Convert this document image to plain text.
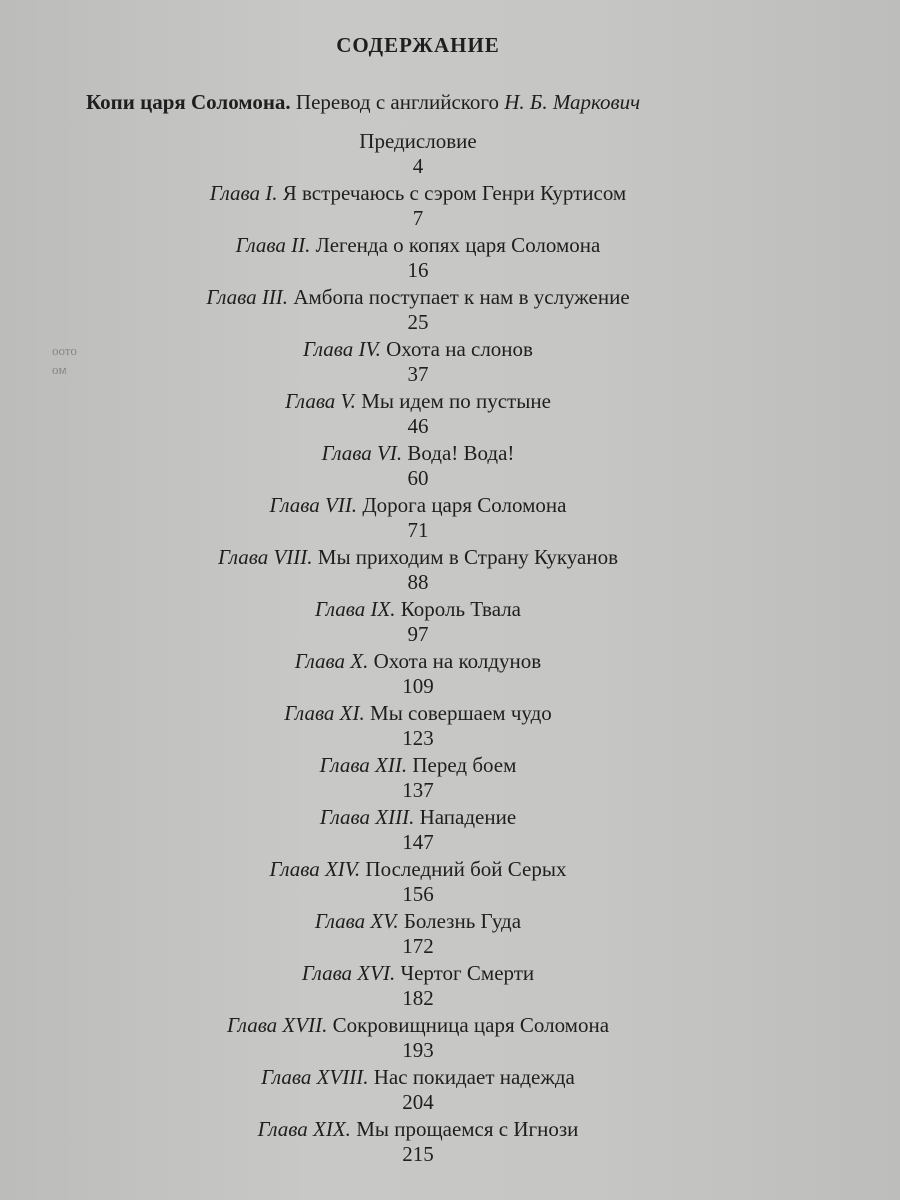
СОДЕРЖАНИЕ
Копи царя Соломона. Перевод с английского Н. Б. Маркович
отоо
мо
Предисловие
4
Глава I. Я встречаюсь с сэром Генри Куртисом
7
Глава II. Легенда о копях царя Соломона
16
Глава III. Амбопа поступает к нам в услужение
25
Глава IV. Охота на слонов
37
Глава V. Мы идем по пустыне
46
Глава VI. Вода! Вода!
60
Глава VII. Дорога царя Соломона
71
Глава VIII. Мы приходим в Страну Кукуанов
88
Глава IX. Король Твала
97
Глава X. Охота на колдунов
109
Глава XI. Мы совершаем чудо
123
Глава XII. Перед боем
137
Глава XIII. Нападение
147
Глава XIV. Последний бой Серых
156
Глава XV. Болезнь Гуда
172
Глава XVI. Чертог Смерти
182
Глава XVII. Сокровищница царя Соломона
193
Глава XVIII. Нас покидает надежда
204
Глава XIX. Мы прощаемся с Игнози
215
